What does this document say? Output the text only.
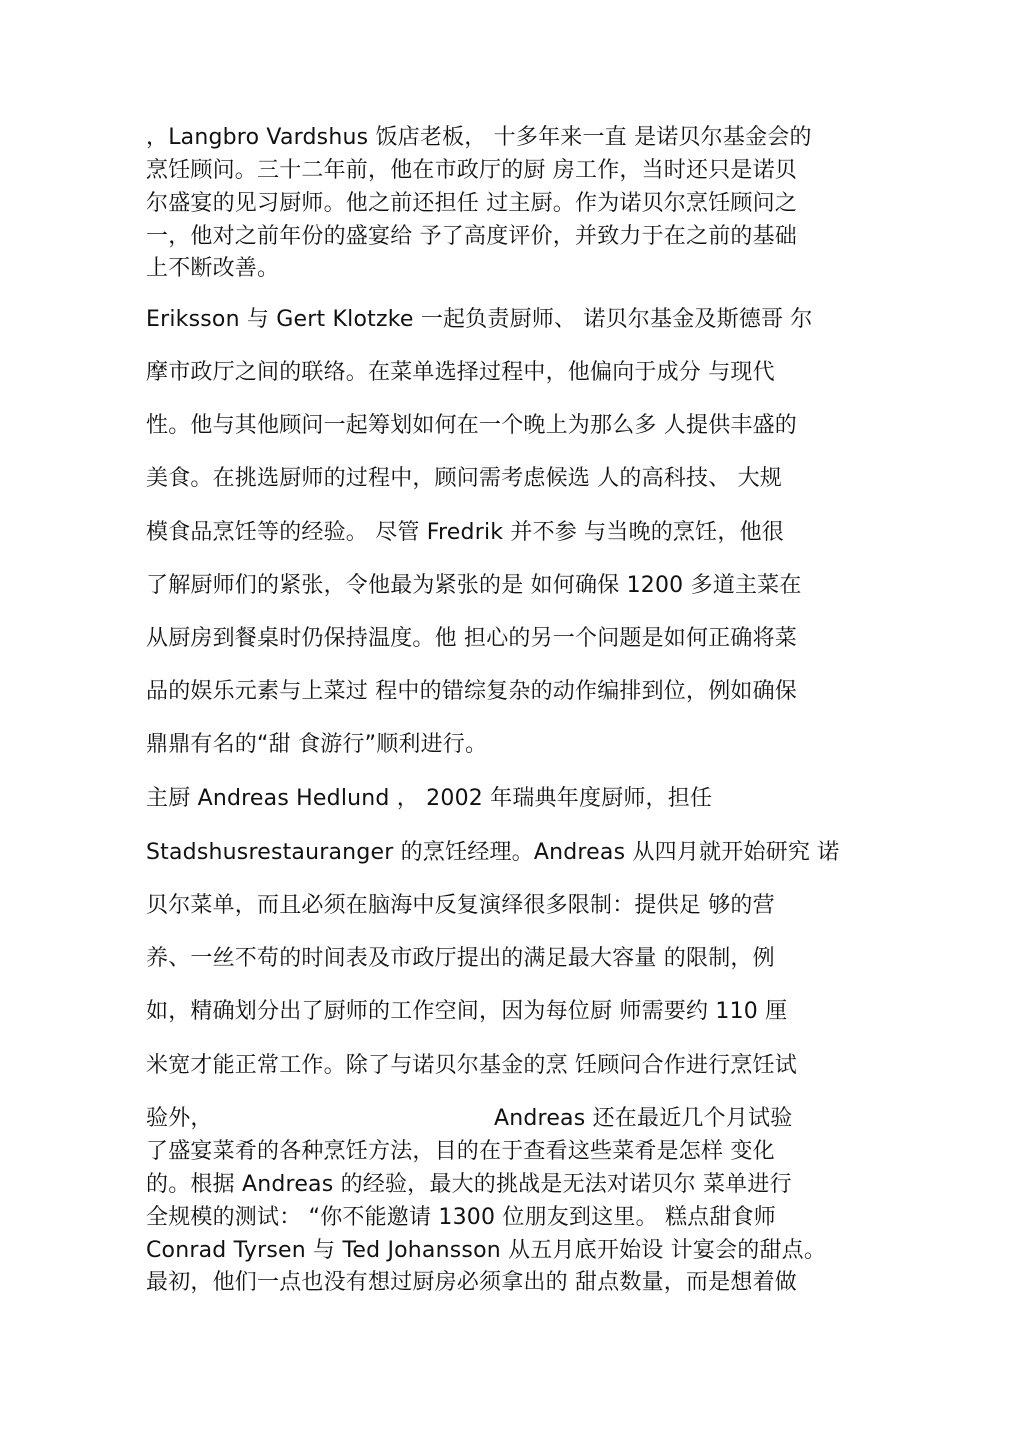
，Langbro Vardshus 饭店老板， 十多年来一直 是诺贝尔基金会的
烹饪顾问。三十二年前，他在市政厅的厨 房工作，当时还只是诺贝
尔盛宴的见习厨师。他之前还担任 过主厨。作为诺贝尔烹饪顾问之
一，他对之前年份的盛宴给 予了高度评价，并致力于在之前的基础
上不断改善。
Eriksson 与 Gert Klotzke 一起负责厨师、 诺贝尔基金及斯德哥 尔
摩市政厅之间的联络。在菜单选择过程中，他偏向于成分 与现代
性。他与其他顾问一起筹划如何在一个晚上为那么多 人提供丰盛的
美食。在挑选厨师的过程中，顾问需考虑候选 人的高科技、 大规
模食品烹饪等的经验。 尽管 Fredrik 并不参 与当晚的烹饪，他很
了解厨师们的紧张，令他最为紧张的是 如何确保 1200 多道主菜在
从厨房到餐桌时仍保持温度。他 担心的另一个问题是如何正确将菜
品的娱乐元素与上菜过 程中的错综复杂的动作编排到位，例如确保
鼎鼎有名的“甜 食游行”顺利进行。
主厨 Andreas Hedlund ， 2002 年瑞典年度厨师，担任
Stadshusrestauranger 的烹饪经理。Andreas 从四月就开始研究 诺
贝尔菜单，而且必须在脑海中反复演绎很多限制：提供足 够的营
养、一丝不苟的时间表及市政厅提出的满足最大容量 的限制，例
如，精确划分出了厨师的工作空间，因为每位厨 师需要约 110 厘
米宽才能正常工作。除了与诺贝尔基金的烹 饪顾问合作进行烹饪试
验外，	Andreas 还在最近几个月试验
了盛宴菜肴的各种烹饪方法，目的在于查看这些菜肴是怎样 变化
的。根据 Andreas 的经验，最大的挑战是无法对诺贝尔 菜单进行
全规模的测试： “你不能邀请 1300 位朋友到这里。 糕点甜食师
Conrad Tyrsen 与 Ted Johansson 从五月底开始设 计宴会的甜点。
最初，他们一点也没有想过厨房必须拿出的 甜点数量，而是想着做
